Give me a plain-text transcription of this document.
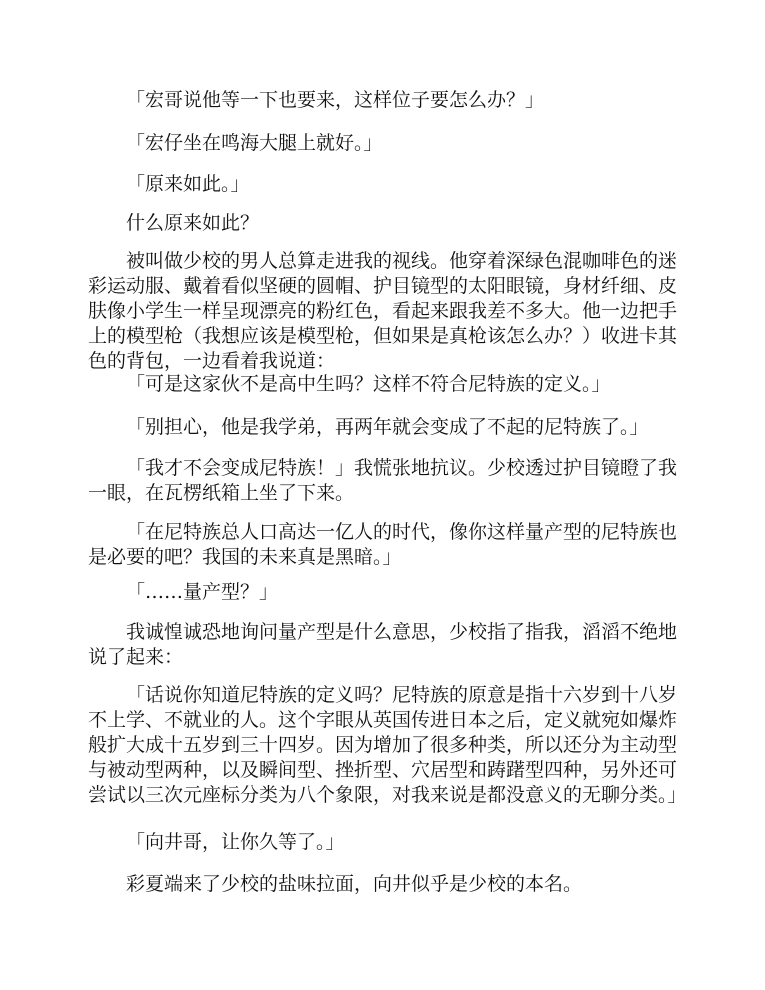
「宏哥说他等一下也要来，这样位子要怎么办？」

「宏仔坐在鸣海大腿上就好。」

「原来如此。」

什么原来如此？

被叫做少校的男人总算走进我的视线。他穿着深绿色混咖啡色的迷彩运动服、戴着看似坚硬的圆帽、护目镜型的太阳眼镜，身材纤细、皮肤像小学生一样呈现漂亮的粉红色，看起来跟我差不多大。他一边把手上的模型枪（我想应该是模型枪，但如果是真枪该怎么办？）收进卡其色的背包，一边看着我说道：

「可是这家伙不是高中生吗？这样不符合尼特族的定义。」

「别担心，他是我学弟，再两年就会变成了不起的尼特族了。」

「我才不会变成尼特族！」我慌张地抗议。少校透过护目镜瞪了我一眼，在瓦楞纸箱上坐了下来。

「在尼特族总人口高达一亿人的时代，像你这样量产型的尼特族也是必要的吧？我国的未来真是黑暗。」

「……量产型？」

我诚惶诚恐地询问量产型是什么意思，少校指了指我，滔滔不绝地说了起来：

「话说你知道尼特族的定义吗？尼特族的原意是指十六岁到十八岁不上学、不就业的人。这个字眼从英国传进日本之后，定义就宛如爆炸般扩大成十五岁到三十四岁。因为增加了很多种类，所以还分为主动型与被动型两种，以及瞬间型、挫折型、穴居型和踌躇型四种，另外还可尝试以三次元座标分类为八个象限，对我来说是都没意义的无聊分类。」

「向井哥，让你久等了。」

彩夏端来了少校的盐味拉面，向井似乎是少校的本名。
